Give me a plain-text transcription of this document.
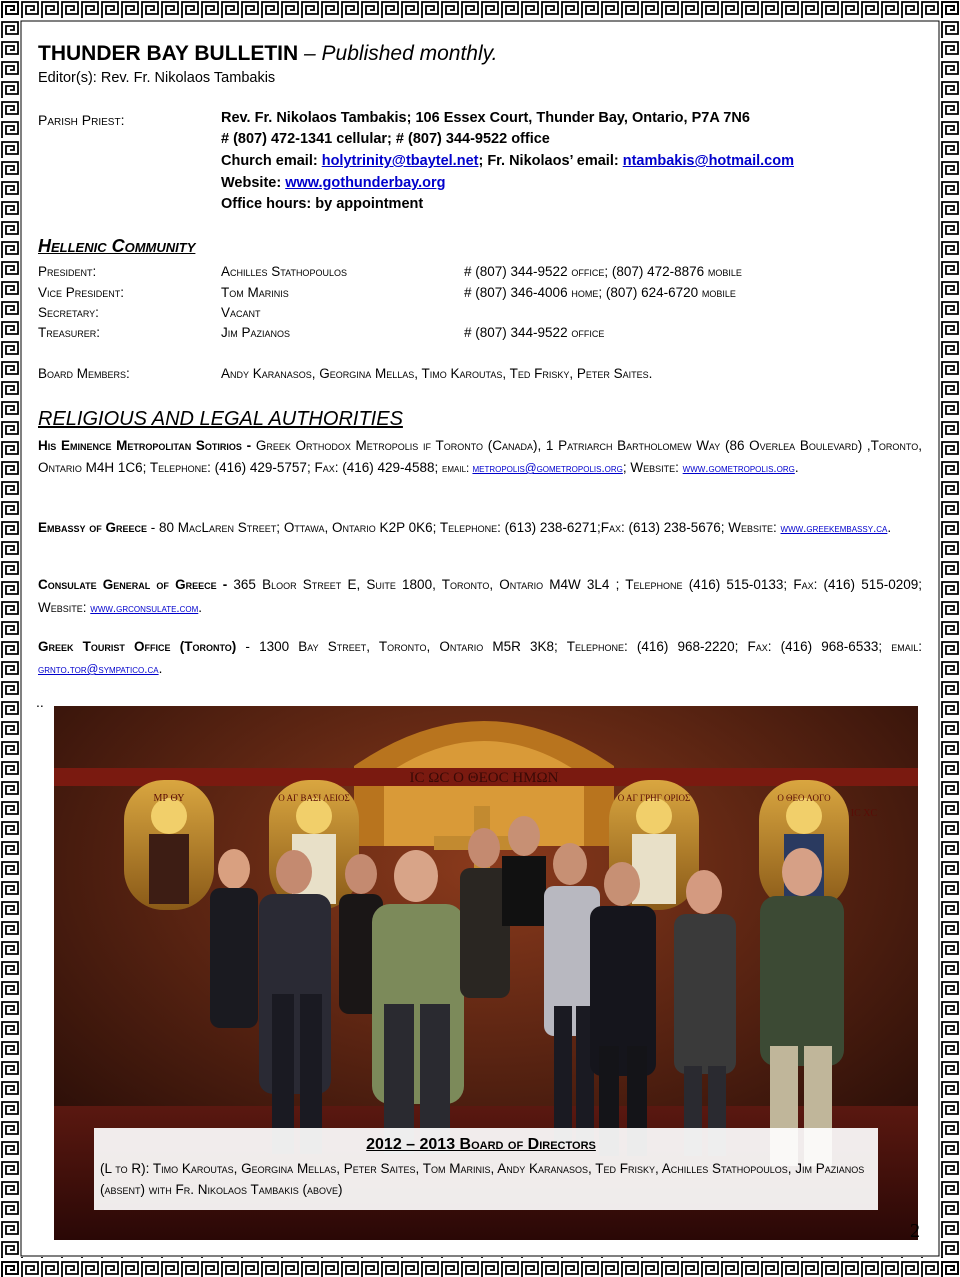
THUNDER BAY BULLETIN – Published monthly.
Editor(s): Rev. Fr. Nikolaos Tambakis
Parish Priest:	Rev. Fr. Nikolaos Tambakis; 106 Essex Court, Thunder Bay, Ontario, P7A 7N6
# (807) 472-1341 cellular; # (807) 344-9522 office
Church email: holytrinity@tbaytel.net; Fr. Nikolaos’ email: ntambakis@hotmail.com
Website: www.gothunderbay.org
Office hours: by appointment
Hellenic Community
President:	Achilles Stathopoulos	# (807) 344-9522 office; (807) 472-8876 mobile
Vice President:	Tom Marinis	# (807) 346-4006 home; (807) 624-6720 mobile
Secretary:	Vacant
Treasurer:	Jim Pazianos	# (807) 344-9522 office
Board Members:	Andy Karanasos, Georgina Mellas, Timo Karoutas, Ted Frisky, Peter Saites.
RELIGIOUS AND LEGAL AUTHORITIES
His Eminence Metropolitan Sotirios - Greek Orthodox Metropolis if Toronto (Canada), 1 Patriarch Bartholomew Way (86 Overlea Boulevard) ,Toronto, Ontario M4H 1C6; Telephone: (416) 429-5757; Fax: (416) 429-4588; email: metropolis@gometropolis.org; Website: www.gometropolis.org.
Embassy of Greece - 80 MacLaren Street; Ottawa, Ontario K2P 0K6; Telephone: (613) 238-6271;Fax: (613) 238-5676; Website: www.greekembassy.ca.
Consulate General of Greece - 365 Bloor Street E, Suite 1800, Toronto, Ontario M4W 3L4 ; Telephone (416) 515-0133; Fax: (416) 515-0209; Website: www.grconsulate.com.
Greek Tourist Office (Toronto) - 1300 Bay Street, Toronto, Ontario M5R 3K8; Telephone: (416) 968-2220; Fax: (416) 968-6533; email: grnto.tor@sympatico.ca.
..
ΙC ΩC Ο ΘΕΟC ΗΜΩΝ
ΜΡ ΘΥ	Ο ΑΓ ΒΑΣΙ ΛΕΙΟΣ	Ο ΑΓ ΓΡΗΓ ΟΡΙΟΣ	Ο ΘΕΟ ΛΟΓΟ
ΙC ΧC
2012 – 2013 Board of Directors
(L to R): Timo Karoutas, Georgina Mellas, Peter Saites, Tom Marinis, Andy Karanasos, Ted Frisky, Achilles Stathopoulos, Jim Pazianos (absent) with Fr. Nikolaos Tambakis (above)
2
